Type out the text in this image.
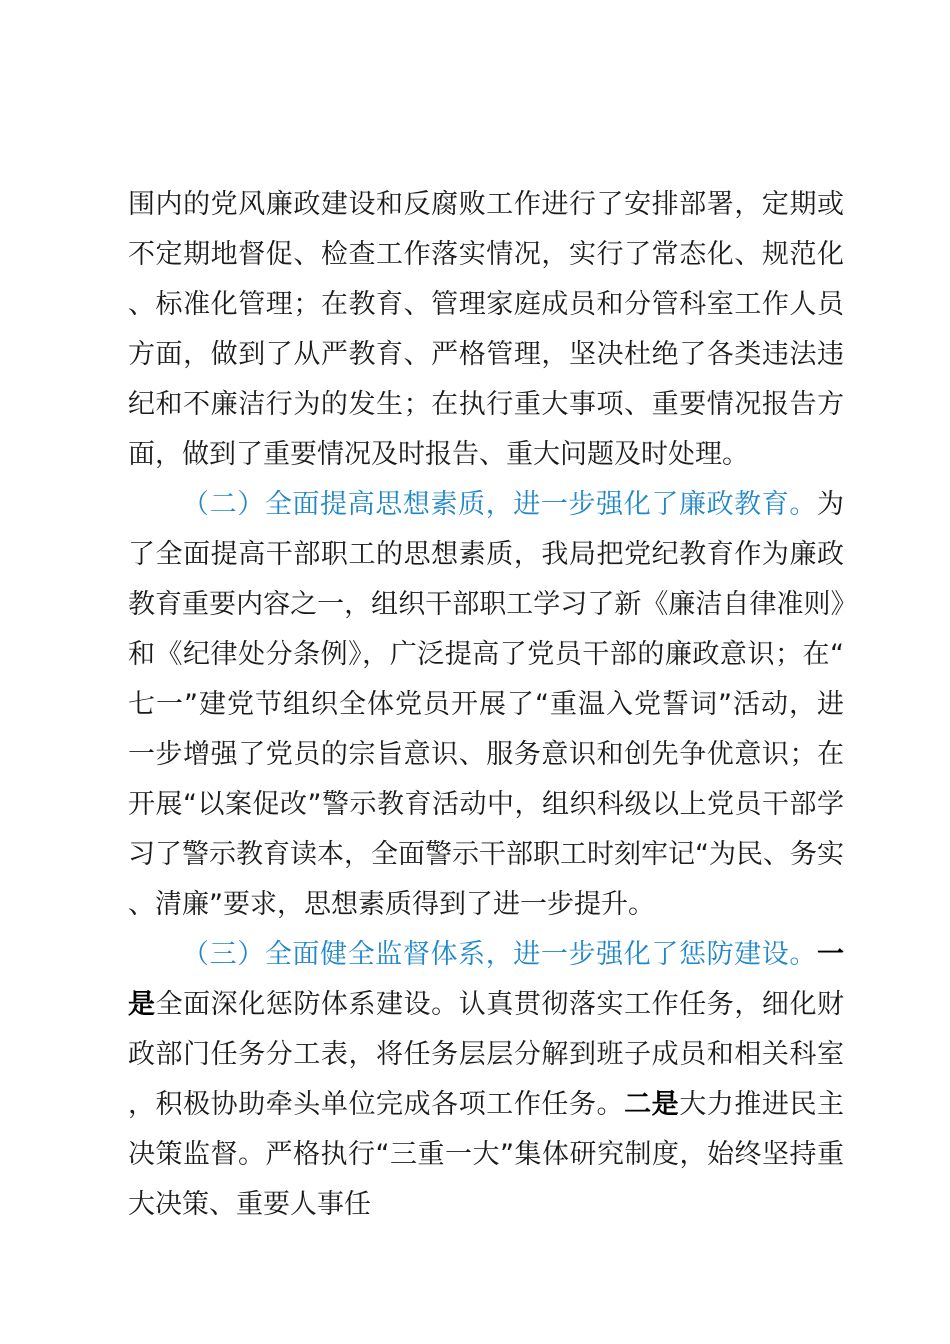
围内的党风廉政建设和反腐败工作进行了安排部署，定期或不定期地督促、检查工作落实情况，实行了常态化、规范化、标准化管理；在教育、管理家庭成员和分管科室工作人员方面，做到了从严教育、严格管理，坚决杜绝了各类违法违纪和不廉洁行为的发生；在执行重大事项、重要情况报告方面，做到了重要情况及时报告、重大问题及时处理。

（二）全面提高思想素质，进一步强化了廉政教育。为了全面提高干部职工的思想素质，我局把党纪教育作为廉政教育重要内容之一，组织干部职工学习了新《廉洁自律准则》和《纪律处分条例》，广泛提高了党员干部的廉政意识；在“七一”建党节组织全体党员开展了“重温入党誓词”活动，进一步增强了党员的宗旨意识、服务意识和创先争优意识；在开展“以案促改”警示教育活动中，组织科级以上党员干部学习了警示教育读本，全面警示干部职工时刻牢记“为民、务实、清廉”要求，思想素质得到了进一步提升。

（三）全面健全监督体系，进一步强化了惩防建设。一是全面深化惩防体系建设。认真贯彻落实工作任务，细化财政部门任务分工表，将任务层层分解到班子成员和相关科室，积极协助牵头单位完成各项工作任务。二是大力推进民主决策监督。严格执行“三重一大”集体研究制度，始终坚持重大决策、重要人事任
